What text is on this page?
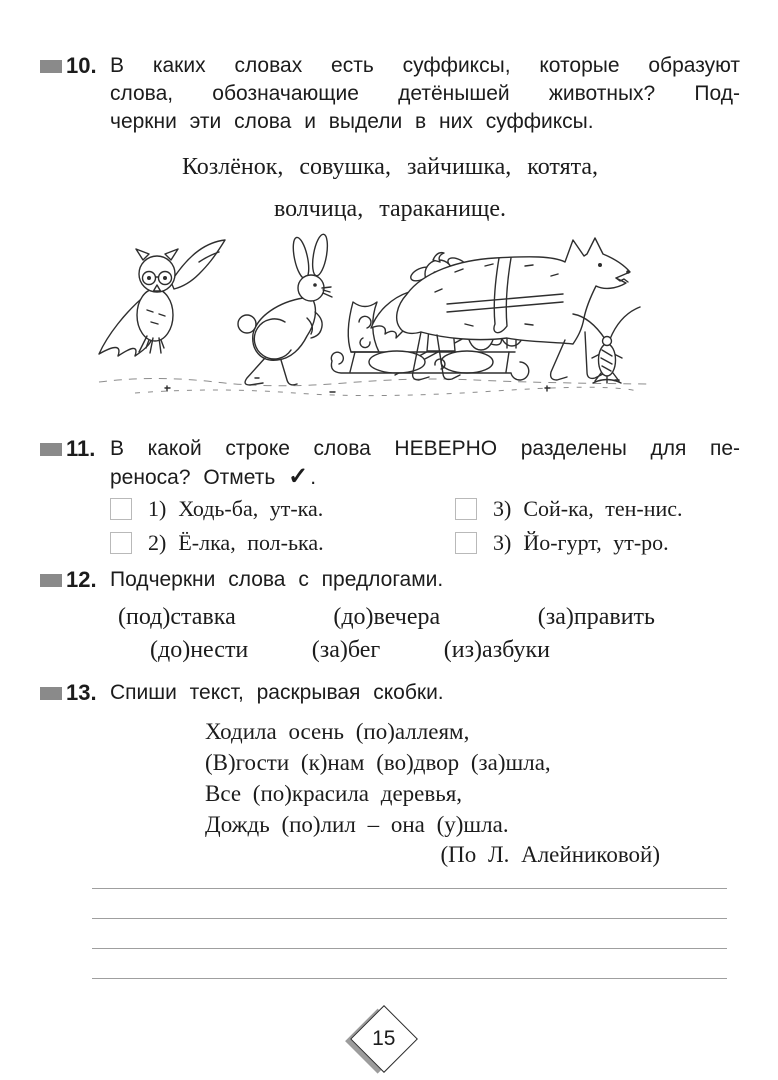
10. В каких словах есть суффиксы, которые образуют
слова, обозначающие детёнышей животных? Под-
черкни эти слова и выдели в них суффиксы.
Козлёнок, совушка, зайчишка, котята,
волчица, тараканище.
11. В какой строке слова НЕВЕРНО разделены для пе-
реноса? Отметь ✓.
1) Ходь-ба, ут-ка.
2) Ё-лка, пол-ька.
3) Сой-ка, тен-нис.
3) Йо-гурт, ут-ро.
12. Подчеркни слова с предлогами.
(под)ставка	(до)вечера	(за)править
(до)нести	(за)бег	(из)азбуки
13. Спиши текст, раскрывая скобки.
Ходила осень (по)аллеям,
(В)гости (к)нам (во)двор (за)шла,
Все (по)красила деревья,
Дождь (по)лил – она (у)шла.
(По Л. Алейниковой)
15
